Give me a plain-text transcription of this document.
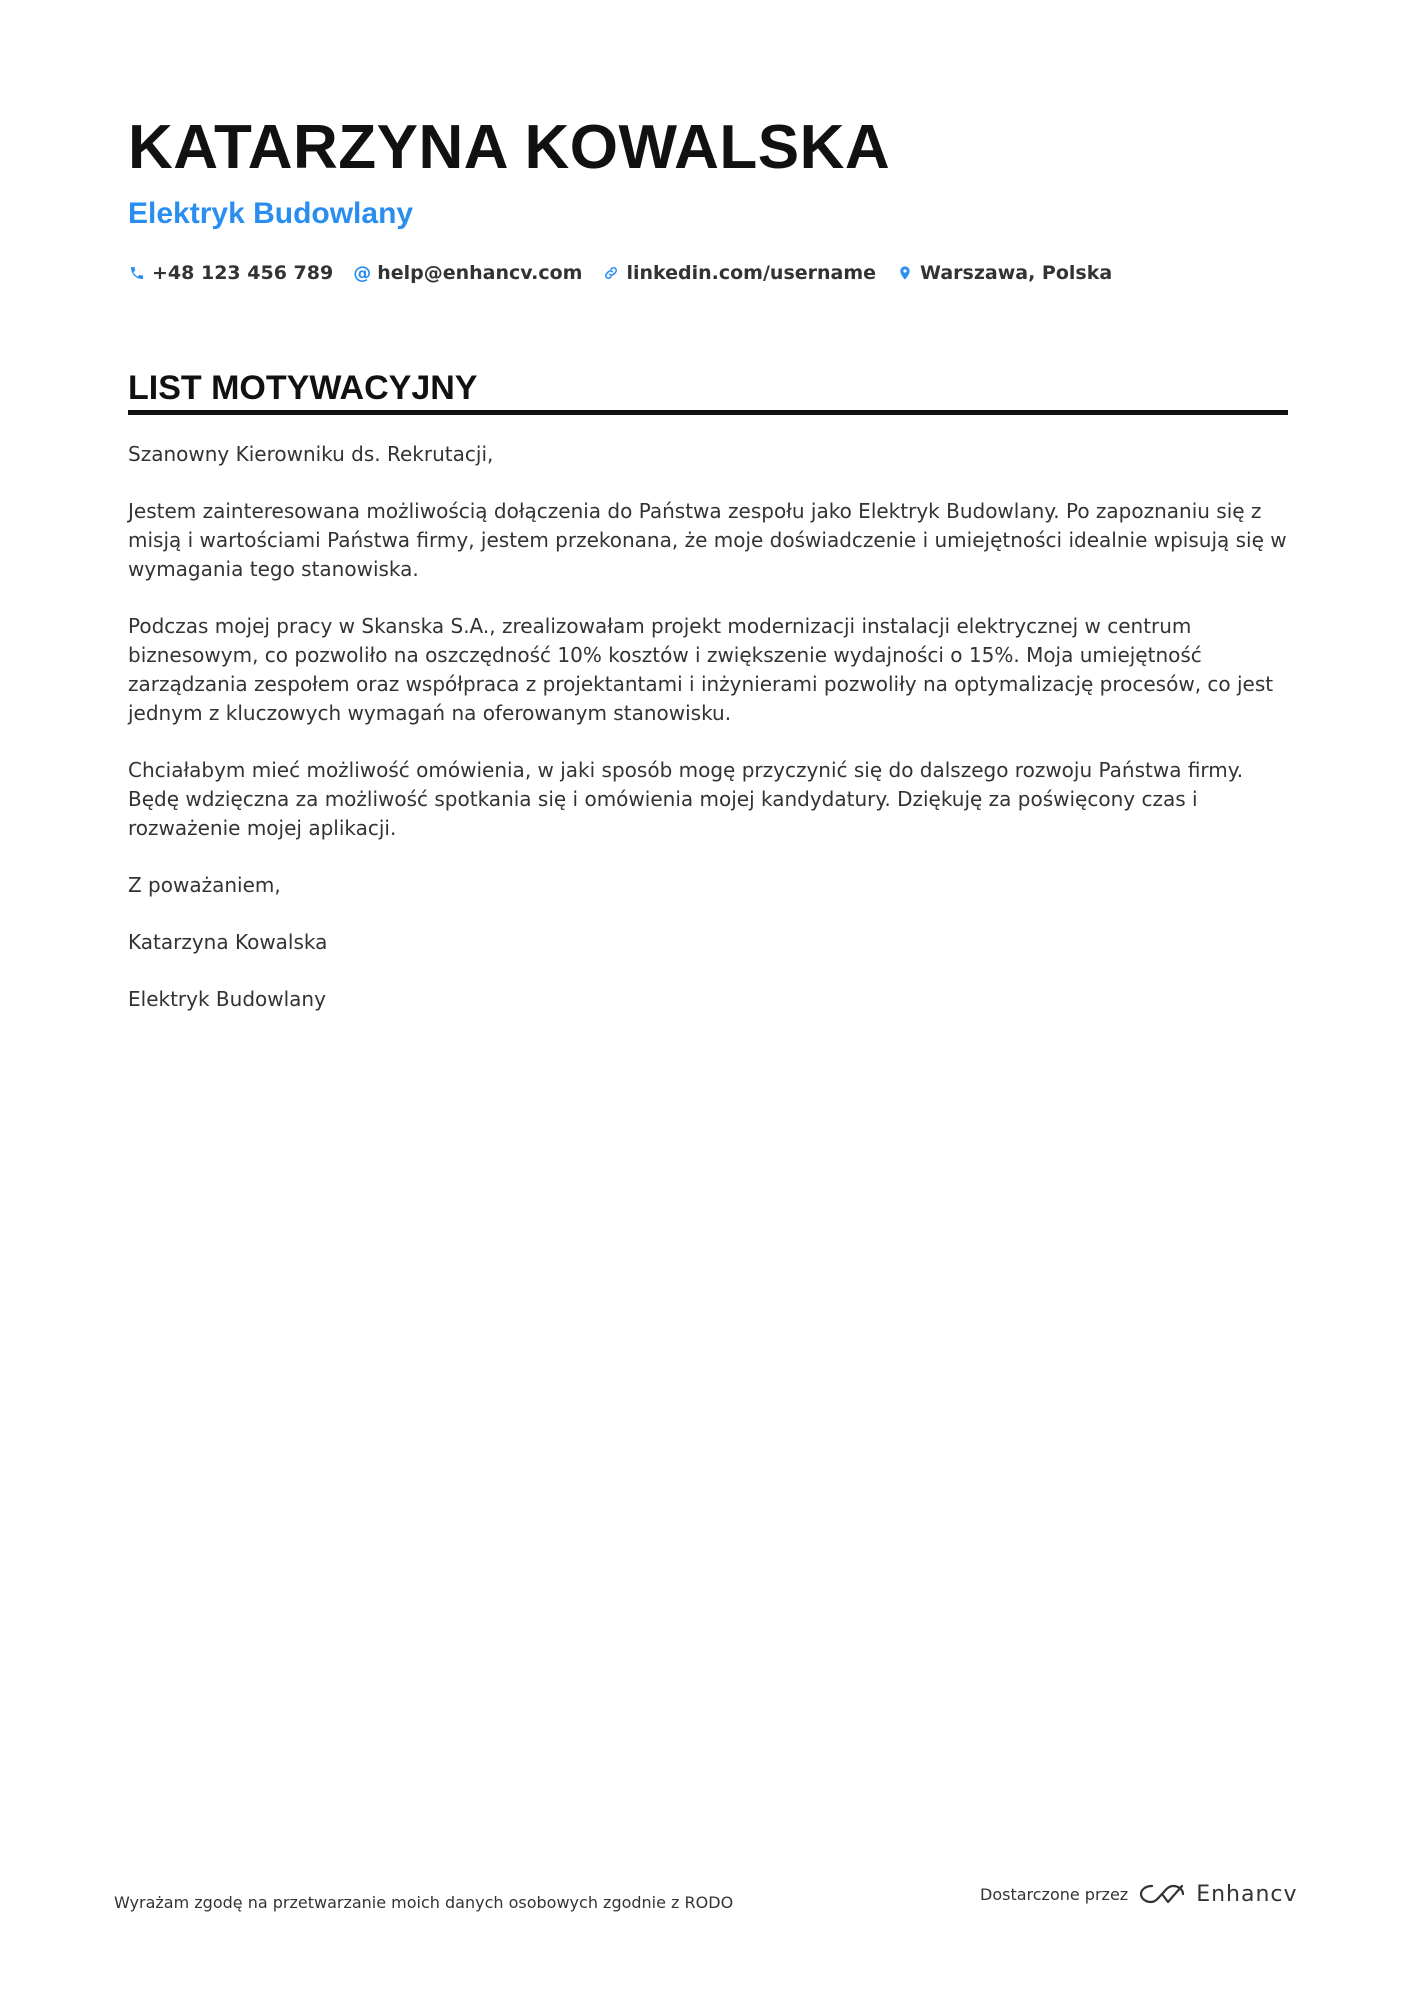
KATARZYNA KOWALSKA
Elektryk Budowlany
+48 123 456 789 @ help@enhancv.com linkedin.com/username Warszawa, Polska
LIST MOTYWACYJNY

Szanowny Kierowniku ds. Rekrutacji,

Jestem zainteresowana możliwością dołączenia do Państwa zespołu jako Elektryk Budowlany. Po zapoznaniu się z misją i wartościami Państwa firmy, jestem przekonana, że moje doświadczenie i umiejętności idealnie wpisują się w wymagania tego stanowiska.

Podczas mojej pracy w Skanska S.A., zrealizowałam projekt modernizacji instalacji elektrycznej w centrum biznesowym, co pozwoliło na oszczędność 10% kosztów i zwiększenie wydajności o 15%. Moja umiejętność zarządzania zespołem oraz współpraca z projektantami i inżynierami pozwoliły na optymalizację procesów, co jest jednym z kluczowych wymagań na oferowanym stanowisku.

Chciałabym mieć możliwość omówienia, w jaki sposób mogę przyczynić się do dalszego rozwoju Państwa firmy. Będę wdzięczna za możliwość spotkania się i omówienia mojej kandydatury. Dziękuję za poświęcony czas i rozważenie mojej aplikacji.

Z poważaniem,

Katarzyna Kowalska

Elektryk Budowlany

Wyrażam zgodę na przetwarzanie moich danych osobowych zgodnie z RODO	Dostarczone przez	Enhancv
